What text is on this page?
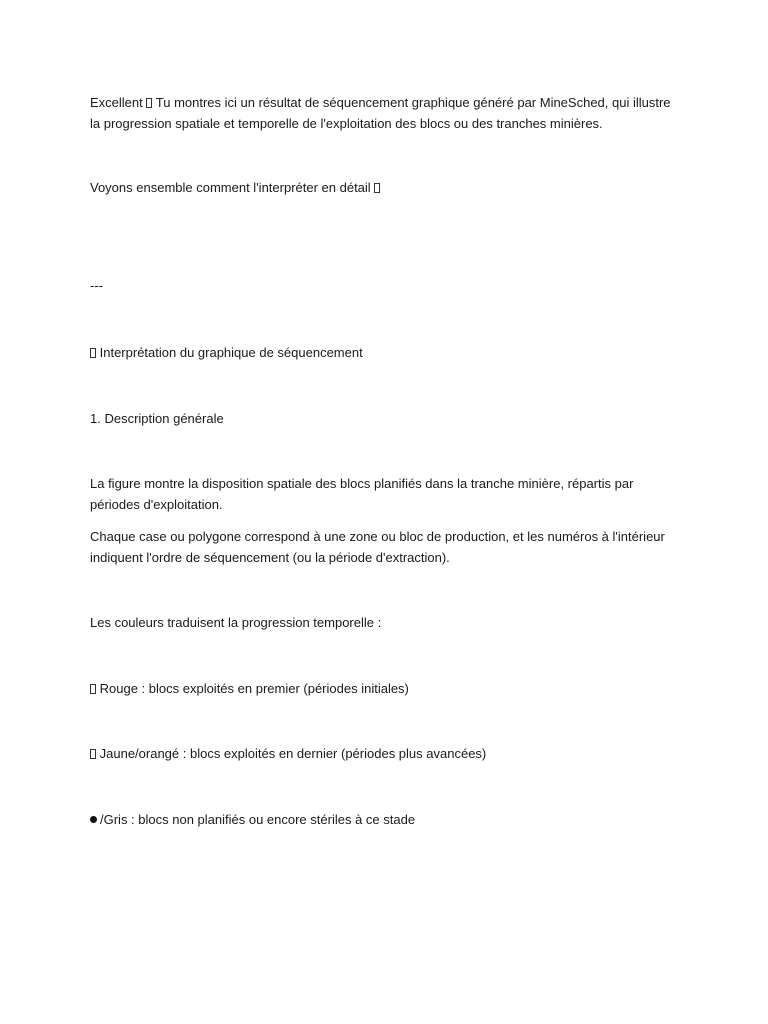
Excellent Tu montres ici un résultat de séquencement graphique généré par MineSched, qui illustre la progression spatiale et temporelle de l'exploitation des blocs ou des tranches minières.

Voyons ensemble comment l'interpréter en détail

---

Interprétation du graphique de séquencement

1. Description générale

La figure montre la disposition spatiale des blocs planifiés dans la tranche minière, répartis par périodes d'exploitation.

Chaque case ou polygone correspond à une zone ou bloc de production, et les numéros à l'intérieur indiquent l'ordre de séquencement (ou la période d'extraction).

Les couleurs traduisent la progression temporelle :

Rouge : blocs exploités en premier (périodes initiales)

Jaune/orangé : blocs exploités en dernier (périodes plus avancées)

/Gris : blocs non planifiés ou encore stériles à ce stade
